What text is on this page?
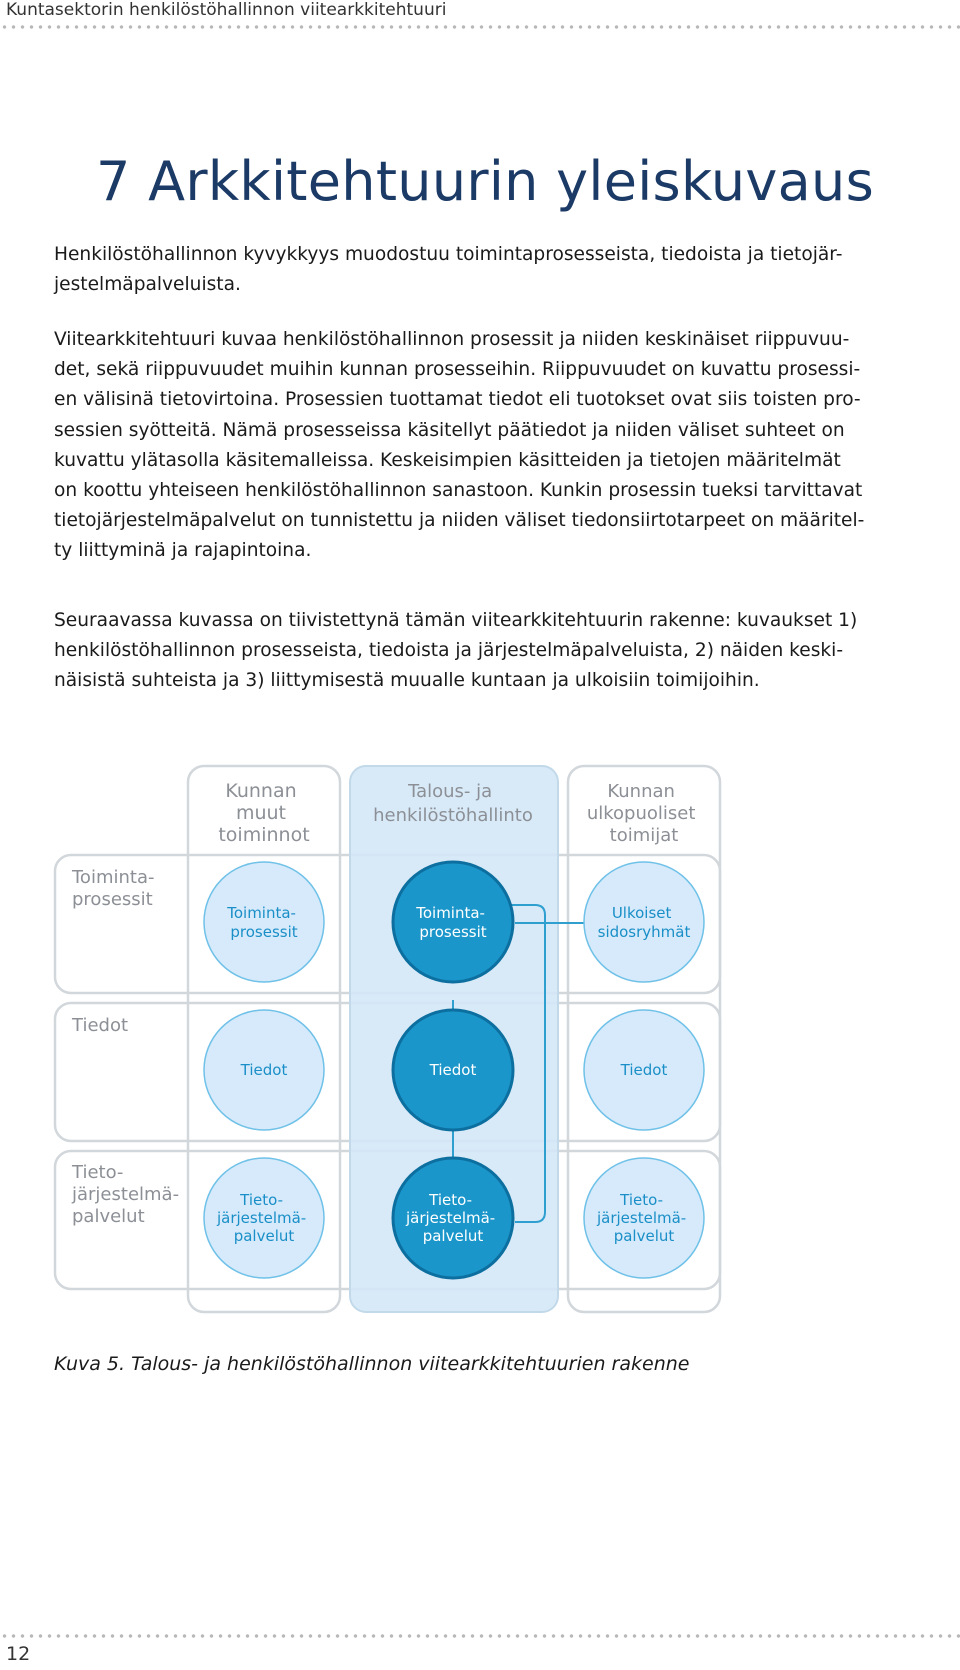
Kuntasektorin henkilöstöhallinnon viitearkkitehtuuri
7 Arkkitehtuurin yleiskuvaus
Henkilöstöhallinnon kyvykkyys muodostuu toimintaprosesseista, tiedoista ja tietojär-
jestelmäpalveluista.
Viitearkkitehtuuri kuvaa henkilöstöhallinnon prosessit ja niiden keskinäiset riippuvuu-
det, sekä riippuvuudet muihin kunnan prosesseihin. Riippuvuudet on kuvattu prosessi-
en välisinä tietovirtoina. Prosessien tuottamat tiedot eli tuotokset ovat siis toisten pro-
sessien syötteitä. Nämä prosesseissa käsitellyt päätiedot ja niiden väliset suhteet on
kuvattu ylätasolla käsitemalleissa. Keskeisimpien käsitteiden ja tietojen määritelmät
on koottu yhteiseen henkilöstöhallinnon sanastoon. Kunkin prosessin tueksi tarvittavat
tietojärjestelmäpalvelut on tunnistettu ja niiden väliset tiedonsiirtotarpeet on määritel-
ty liittyminä ja rajapintoina.
Seuraavassa kuvassa on tiivistettynä tämän viitearkkitehtuurin rakenne: kuvaukset 1)
henkilöstöhallinnon prosesseista, tiedoista ja järjestelmäpalveluista, 2) näiden keski-
näisistä suhteista ja 3) liittymisestä muualle kuntaan ja ulkoisiin toimijoihin.
Kunnan muut toiminnot
Talous- ja henkilöstöhallinto
Kunnan ulkopuoliset toimijat
Toiminta- prosessit
Tiedot
Tieto- järjestelmä- palvelut
Toiminta- prosessit
Toiminta- prosessit
Ulkoiset sidosryhmät
Tiedot	Tiedot	Tiedot
Tieto- järjestelmä- palvelut
Tieto- järjestelmä- palvelut
Tieto- järjestelmä- palvelut

Kuva 5. Talous- ja henkilöstöhallinnon viitearkkitehtuurien rakenne

12
